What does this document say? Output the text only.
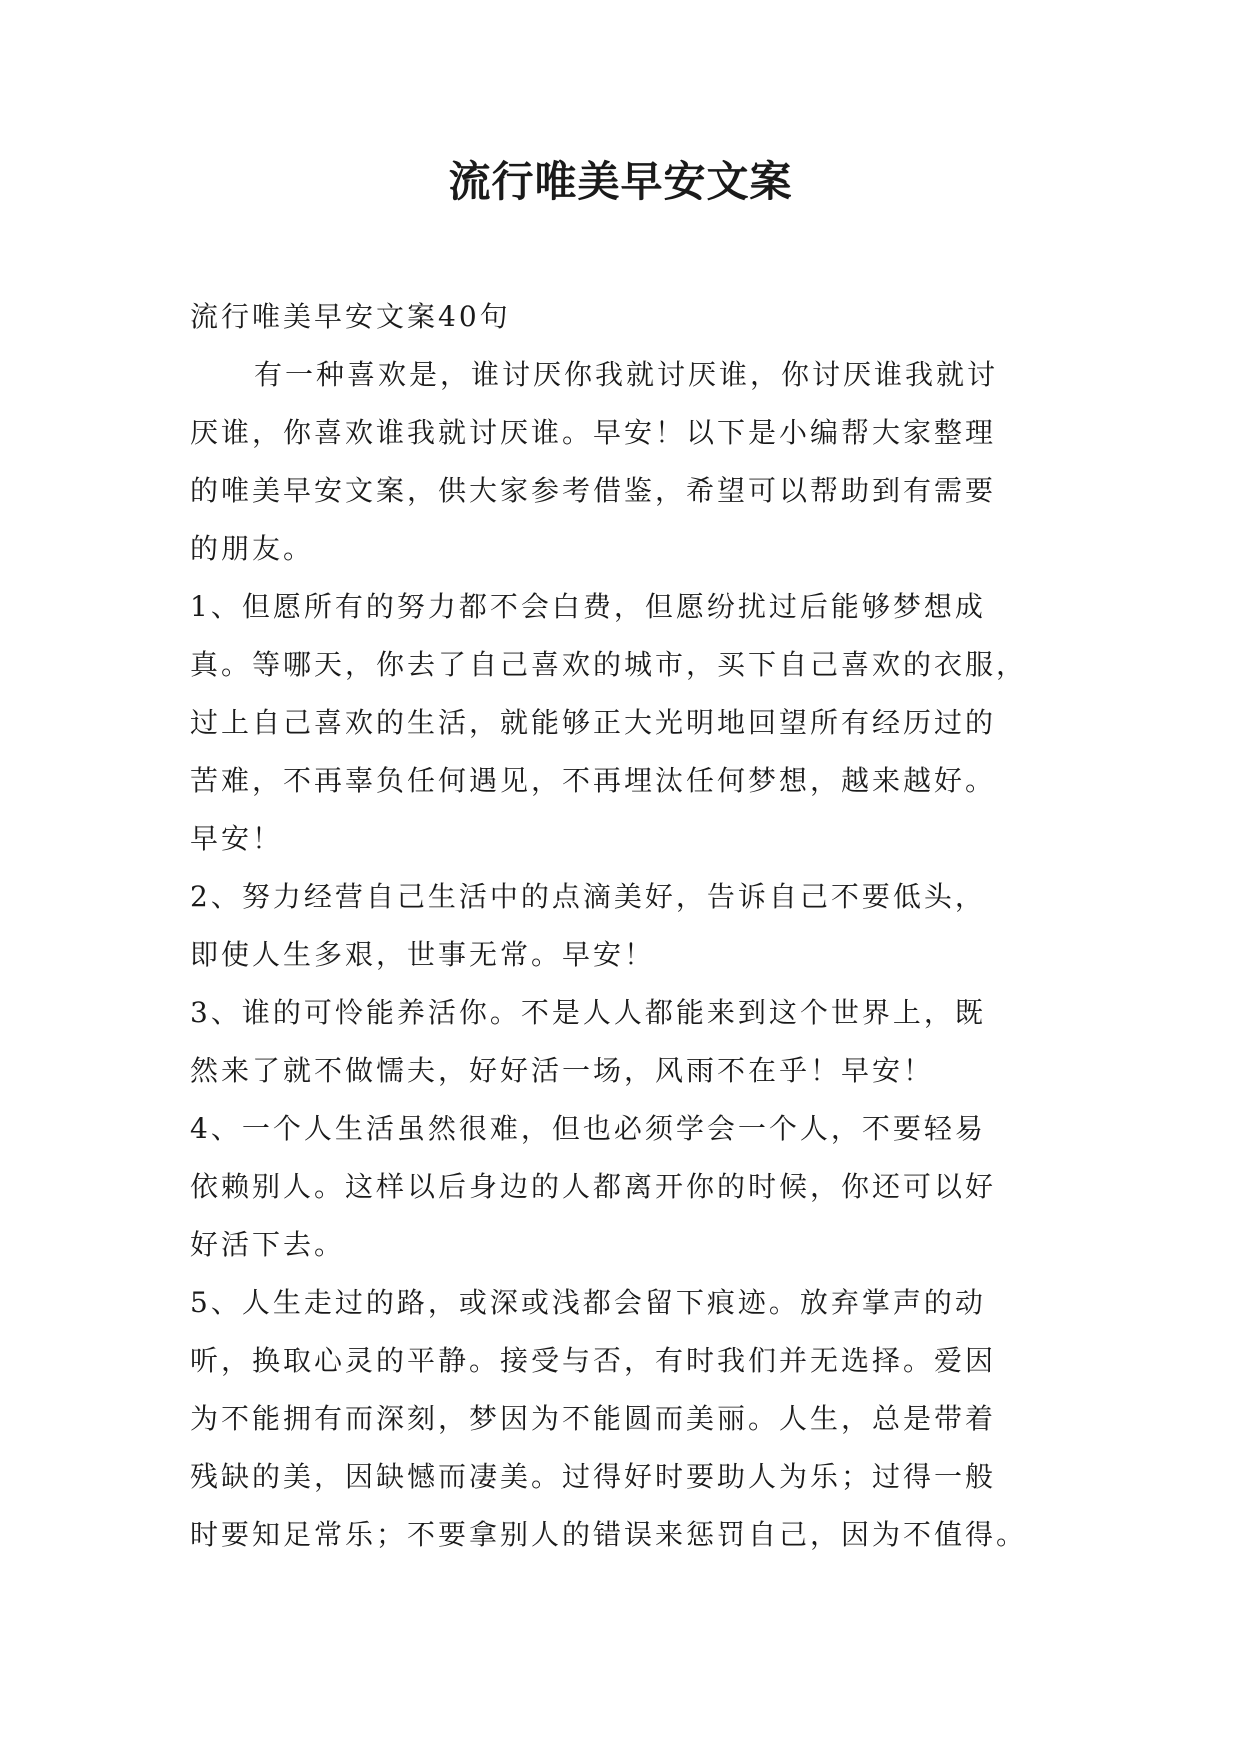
流行唯美早安文案
流行唯美早安文案40句
有一种喜欢是，谁讨厌你我就讨厌谁，你讨厌谁我就讨
厌谁，你喜欢谁我就讨厌谁。早安！以下是小编帮大家整理
的唯美早安文案，供大家参考借鉴，希望可以帮助到有需要
的朋友。
1、但愿所有的努力都不会白费，但愿纷扰过后能够梦想成
真。等哪天，你去了自己喜欢的城市，买下自己喜欢的衣服，
过上自己喜欢的生活，就能够正大光明地回望所有经历过的
苦难，不再辜负任何遇见，不再埋汰任何梦想，越来越好。
早安！
2、努力经营自己生活中的点滴美好，告诉自己不要低头，
即使人生多艰，世事无常。早安！
3、谁的可怜能养活你。不是人人都能来到这个世界上，既
然来了就不做懦夫，好好活一场，风雨不在乎！早安！
4、一个人生活虽然很难，但也必须学会一个人，不要轻易
依赖别人。这样以后身边的人都离开你的时候，你还可以好
好活下去。
5、人生走过的路，或深或浅都会留下痕迹。放弃掌声的动
听，换取心灵的平静。接受与否，有时我们并无选择。爱因
为不能拥有而深刻，梦因为不能圆而美丽。人生，总是带着
残缺的美，因缺憾而凄美。过得好时要助人为乐；过得一般
时要知足常乐；不要拿别人的错误来惩罚自己，因为不值得。
